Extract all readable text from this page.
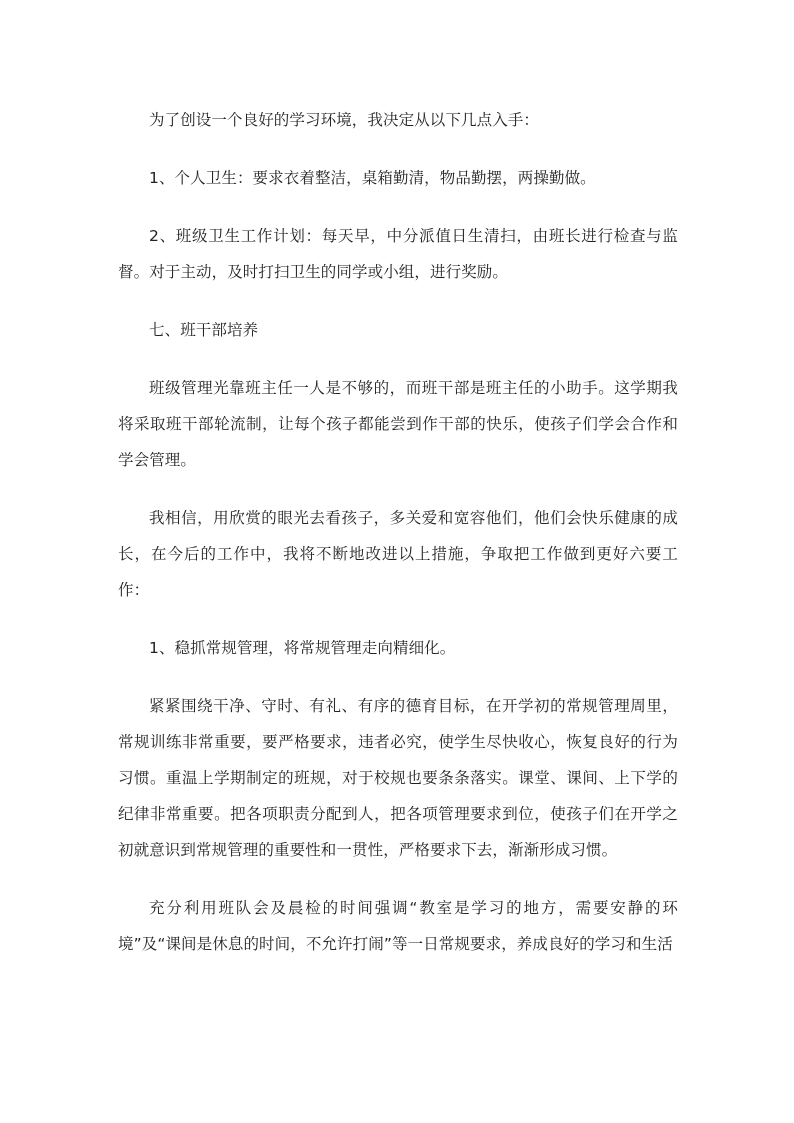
为了创设一个良好的学习环境，我决定从以下几点入手：

1、个人卫生：要求衣着整洁，桌箱勤清，物品勤摆，两操勤做。

2、班级卫生工作计划：每天早，中分派值日生清扫，由班长进行检查与监督。对于主动，及时打扫卫生的同学或小组，进行奖励。

七、班干部培养

班级管理光靠班主任一人是不够的，而班干部是班主任的小助手。这学期我将采取班干部轮流制，让每个孩子都能尝到作干部的快乐，使孩子们学会合作和学会管理。

我相信，用欣赏的眼光去看孩子，多关爱和宽容他们，他们会快乐健康的成长，在今后的工作中，我将不断地改进以上措施，争取把工作做到更好六要工作：

1、稳抓常规管理，将常规管理走向精细化。

紧紧围绕干净、守时、有礼、有序的德育目标，在开学初的常规管理周里，常规训练非常重要，要严格要求，违者必究，使学生尽快收心，恢复良好的行为习惯。重温上学期制定的班规，对于校规也要条条落实。课堂、课间、上下学的纪律非常重要。把各项职责分配到人，把各项管理要求到位，使孩子们在开学之初就意识到常规管理的重要性和一贯性，严格要求下去，渐渐形成习惯。

充分利用班队会及晨检的时间强调“教室是学习的地方，需要安静的环境”及“课间是休息的时间，不允许打闹”等一日常规要求，养成良好的学习和生活
